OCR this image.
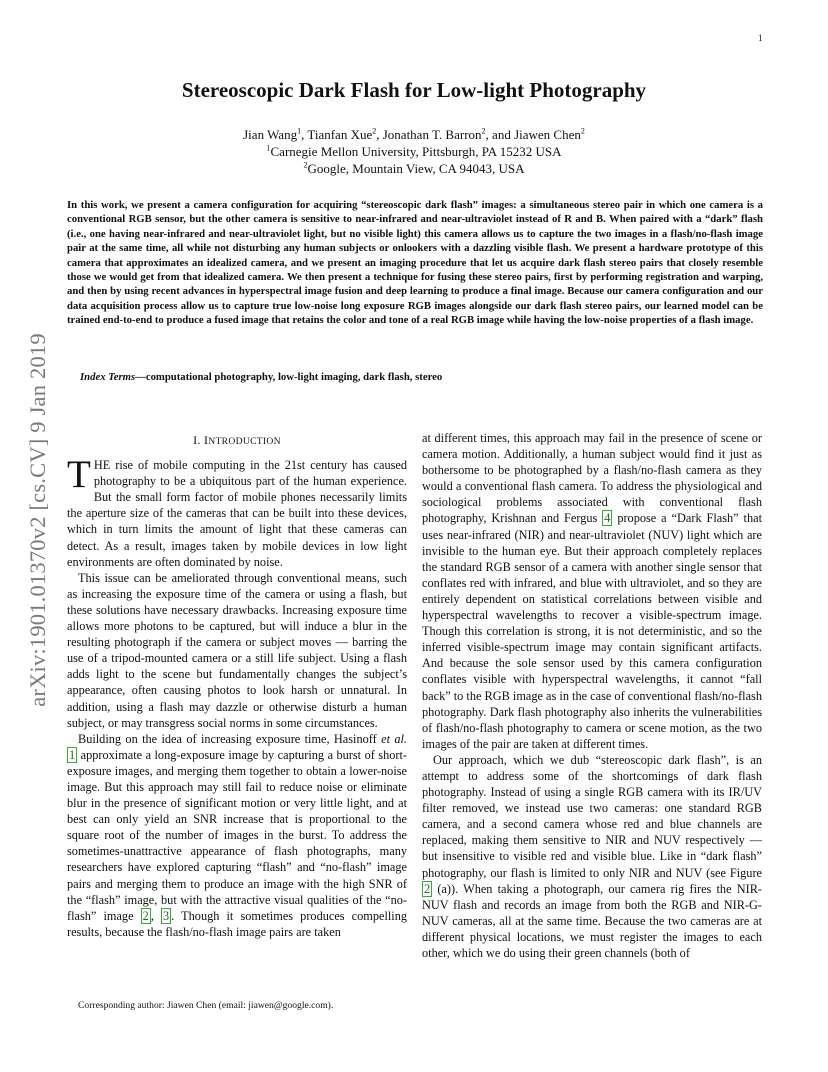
1
arXiv:1901.01370v2 [cs.CV] 9 Jan 2019
Stereoscopic Dark Flash for Low-light Photography
Jian Wang$^1$, Tianfan Xue$^2$, Jonathan T. Barron$^2$, and Jiawen Chen$^2$
$^1$Carnegie Mellon University, Pittsburgh, PA 15232 USA
$^2$Google, Mountain View, CA 94043, USA

In this work, we present a camera configuration for acquiring “stereoscopic dark flash” images: a simultaneous stereo pair in which one camera is a conventional RGB sensor, but the other camera is sensitive to near-infrared and near-ultraviolet instead of R and B. When paired with a “dark” flash (i.e., one having near-infrared and near-ultraviolet light, but no visible light) this camera allows us to capture the two images in a flash/no-flash image pair at the same time, all while not disturbing any human subjects or onlookers with a dazzling visible flash. We present a hardware prototype of this camera that approximates an idealized camera, and we present an imaging procedure that let us acquire dark flash stereo pairs that closely resemble those we would get from that idealized camera. We then present a technique for fusing these stereo pairs, first by performing registration and warping, and then by using recent advances in hyperspectral image fusion and deep learning to produce a final image. Because our camera configuration and our data acquisition process allow us to capture true low-noise long exposure RGB images alongside our dark flash stereo pairs, our learned model can be trained end-to-end to produce a fused image that retains the color and tone of a real RGB image while having the low-noise properties of a flash image.

Index Terms—computational photography, low-light imaging, dark flash, stereo
I. INTRODUCTION

THE rise of mobile computing in the 21st century has caused photography to be a ubiquitous part of the human experience. But the small form factor of mobile phones necessarily limits the aperture size of the cameras that can be built into these devices, which in turn limits the amount of light that these cameras can detect. As a result, images taken by mobile devices in low light environments are often dominated by noise.

This issue can be ameliorated through conventional means, such as increasing the exposure time of the camera or using a flash, but these solutions have necessary drawbacks. Increasing exposure time allows more photons to be captured, but will induce a blur in the resulting photograph if the camera or subject moves — barring the use of a tripod-mounted camera or a still life subject. Using a flash adds light to the scene but fundamentally changes the subject’s appearance, often causing photos to look harsh or unnatural. In addition, using a flash may dazzle or otherwise disturb a human subject, or may transgress social norms in some circumstances.

Building on the idea of increasing exposure time, Hasinoff et al. 1 approximate a long-exposure image by capturing a burst of short-exposure images, and merging them together to obtain a lower-noise image. But this approach may still fail to reduce noise or eliminate blur in the presence of significant motion or very little light, and at best can only yield an SNR increase that is proportional to the square root of the number of images in the burst. To address the sometimes-unattractive appearance of flash photographs, many researchers have explored capturing “flash” and “no-flash” image pairs and merging them to produce an image with the high SNR of the “flash” image, but with the attractive visual qualities of the “no-flash” image 2 , 3 . Though it sometimes produces compelling results, because the flash/no-flash image pairs are taken

at different times, this approach may fail in the presence of scene or camera motion. Additionally, a human subject would find it just as bothersome to be photographed by a flash/no-flash camera as they would a conventional flash camera. To address the physiological and sociological problems associated with conventional flash photography, Krishnan and Fergus 4 propose a “Dark Flash” that uses near-infrared (NIR) and near-ultraviolet (NUV) light which are invisible to the human eye. But their approach completely replaces the standard RGB sensor of a camera with another single sensor that conflates red with infrared, and blue with ultraviolet, and so they are entirely dependent on statistical correlations between visible and hyperspectral wavelengths to recover a visible-spectrum image. Though this correlation is strong, it is not deterministic, and so the inferred visible-spectrum image may contain significant artifacts. And because the sole sensor used by this camera configuration conflates visible with hyperspectral wavelengths, it cannot “fall back” to the RGB image as in the case of conventional flash/no-flash photography. Dark flash photography also inherits the vulnerabilities of flash/no-flash photography to camera or scene motion, as the two images of the pair are taken at different times.

Our approach, which we dub “stereoscopic dark flash”, is an attempt to address some of the shortcomings of dark flash photography. Instead of using a single RGB camera with its IR/UV filter removed, we instead use two cameras: one standard RGB camera, and a second camera whose red and blue channels are replaced, making them sensitive to NIR and NUV respectively — but insensitive to visible red and visible blue. Like in “dark flash” photography, our flash is limited to only NIR and NUV (see Figure 2 (a)). When taking a photograph, our camera rig fires the NIR-NUV flash and records an image from both the RGB and NIR-G-NUV cameras, all at the same time. Because the two cameras are at different physical locations, we must register the images to each other, which we do using their green channels (both of

Corresponding author: Jiawen Chen (email: jiawen@google.com).
